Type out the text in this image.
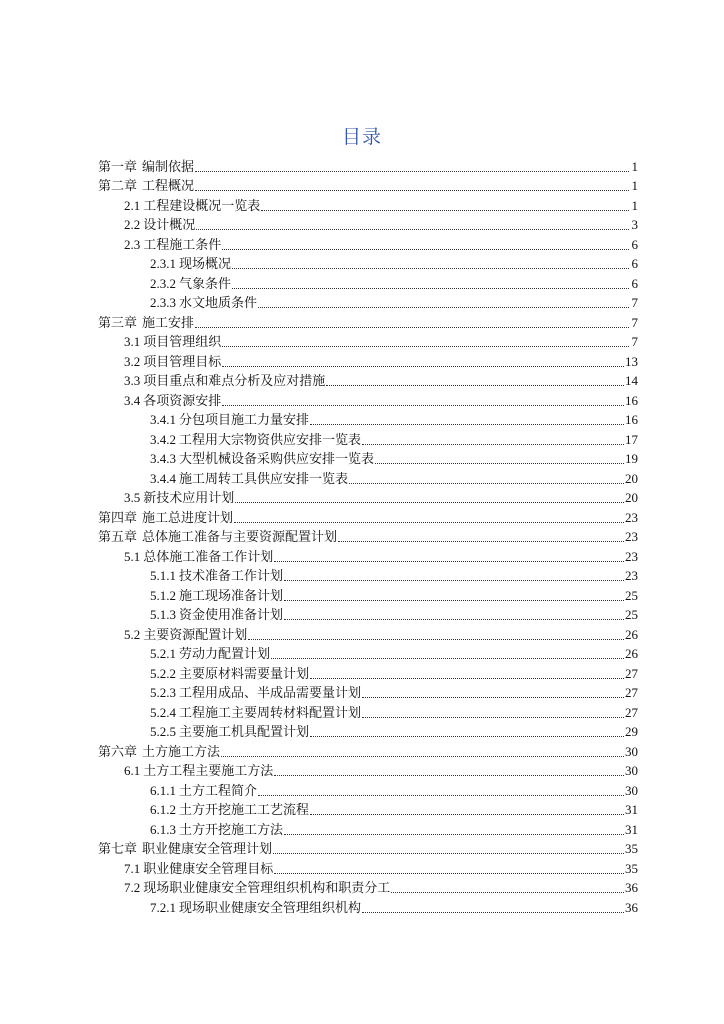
目录
第一章 编制依据	1
第二章 工程概况	1
2.1 工程建设概况一览表	1
2.2 设计概况	3
2.3 工程施工条件	6
2.3.1 现场概况	6
2.3.2 气象条件	6
2.3.3 水文地质条件	7
第三章 施工安排	7
3.1 项目管理组织	7
3.2 项目管理目标	13
3.3 项目重点和难点分析及应对措施	14
3.4 各项资源安排	16
3.4.1 分包项目施工力量安排	16
3.4.2 工程用大宗物资供应安排一览表	17
3.4.3 大型机械设备采购供应安排一览表	19
3.4.4 施工周转工具供应安排一览表	20
3.5 新技术应用计划	20
第四章 施工总进度计划	23
第五章 总体施工准备与主要资源配置计划	23
5.1 总体施工准备工作计划	23
5.1.1 技术准备工作计划	23
5.1.2 施工现场准备计划	25
5.1.3 资金使用准备计划	25
5.2 主要资源配置计划	26
5.2.1 劳动力配置计划	26
5.2.2 主要原材料需要量计划	27
5.2.3 工程用成品、半成品需要量计划	27
5.2.4 工程施工主要周转材料配置计划	27
5.2.5 主要施工机具配置计划	29
第六章 土方施工方法	30
6.1 土方工程主要施工方法	30
6.1.1 土方工程简介	30
6.1.2 土方开挖施工工艺流程	31
6.1.3 土方开挖施工方法	31
第七章 职业健康安全管理计划	35
7.1 职业健康安全管理目标	35
7.2 现场职业健康安全管理组织机构和职责分工	36
7.2.1 现场职业健康安全管理组织机构	36
